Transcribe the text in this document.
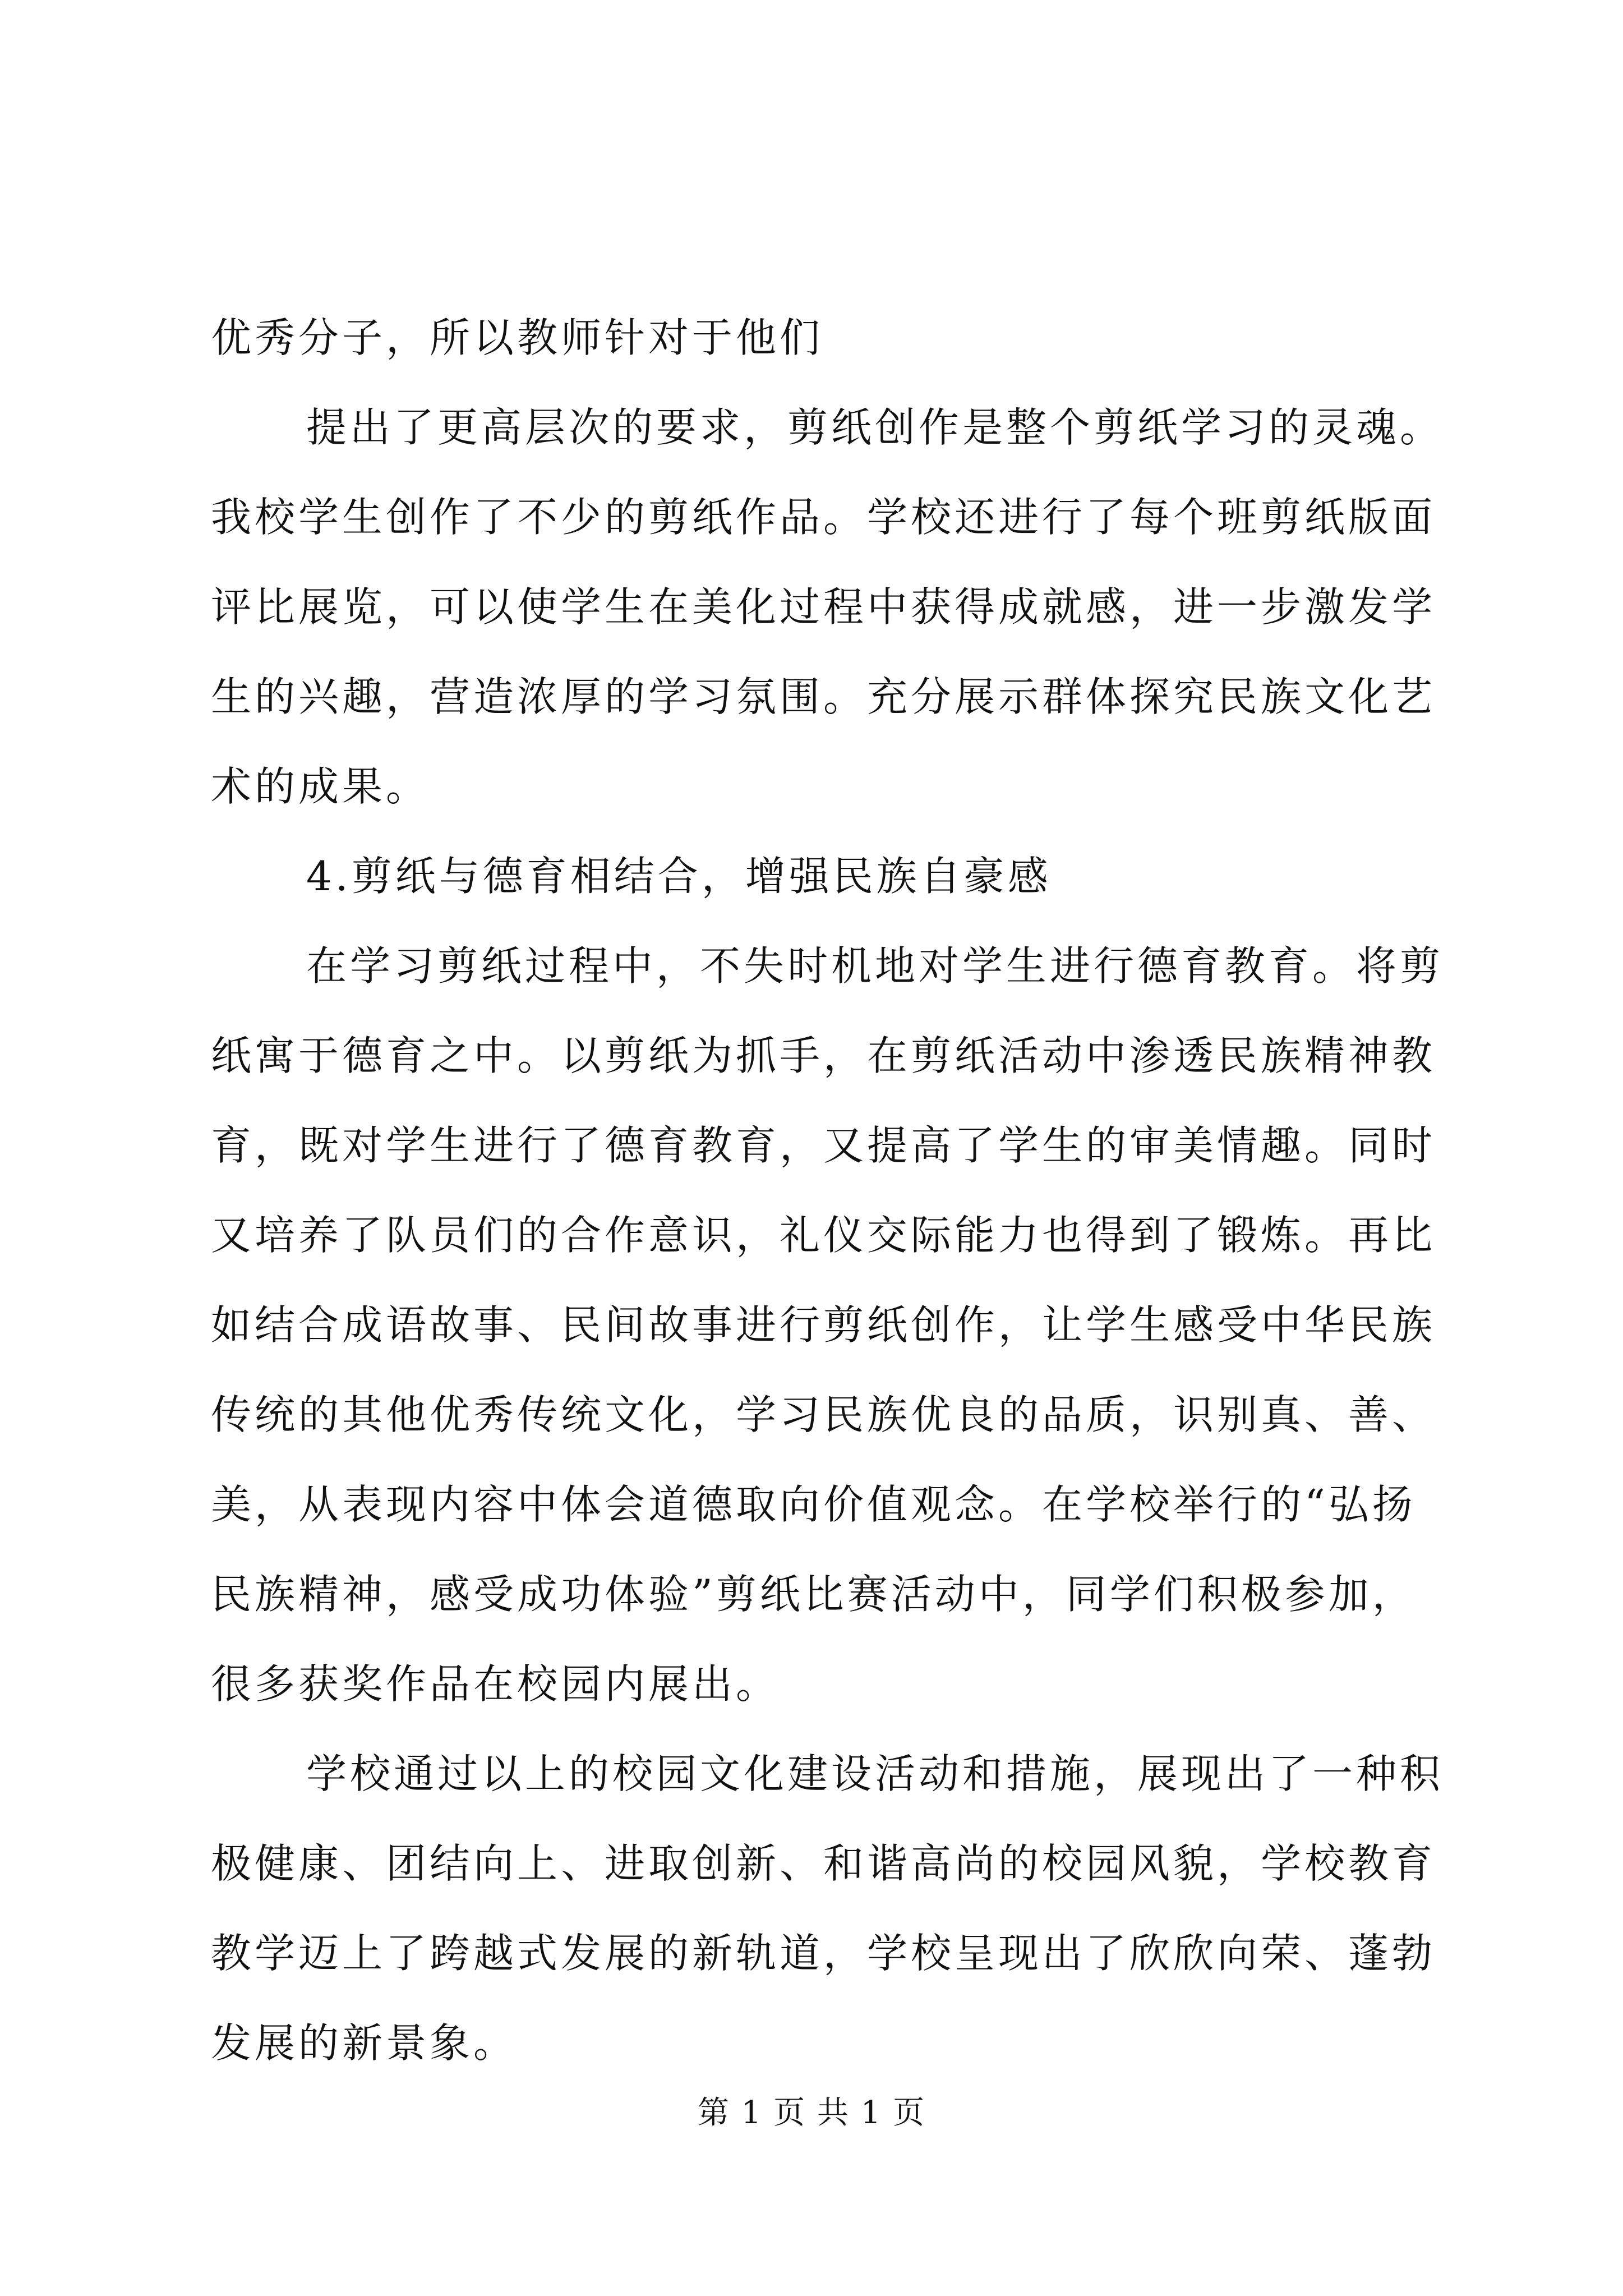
优秀分子，所以教师针对于他们
提出了更高层次的要求，剪纸创作是整个剪纸学习的灵魂。
我校学生创作了不少的剪纸作品。学校还进行了每个班剪纸版面
评比展览，可以使学生在美化过程中获得成就感，进一步激发学
生的兴趣，营造浓厚的学习氛围。充分展示群体探究民族文化艺
术的成果。
4.剪纸与德育相结合，增强民族自豪感
在学习剪纸过程中，不失时机地对学生进行德育教育。将剪
纸寓于德育之中。以剪纸为抓手，在剪纸活动中渗透民族精神教
育，既对学生进行了德育教育，又提高了学生的审美情趣。同时
又培养了队员们的合作意识，礼仪交际能力也得到了锻炼。再比
如结合成语故事、民间故事进行剪纸创作，让学生感受中华民族
传统的其他优秀传统文化，学习民族优良的品质，识别真、善、
美，从表现内容中体会道德取向价值观念。在学校举行的“弘扬
民族精神，感受成功体验”剪纸比赛活动中，同学们积极参加，
很多获奖作品在校园内展出。
学校通过以上的校园文化建设活动和措施，展现出了一种积
极健康、团结向上、进取创新、和谐高尚的校园风貌，学校教育
教学迈上了跨越式发展的新轨道，学校呈现出了欣欣向荣、蓬勃
发展的新景象。
第 1 页 共 1 页
